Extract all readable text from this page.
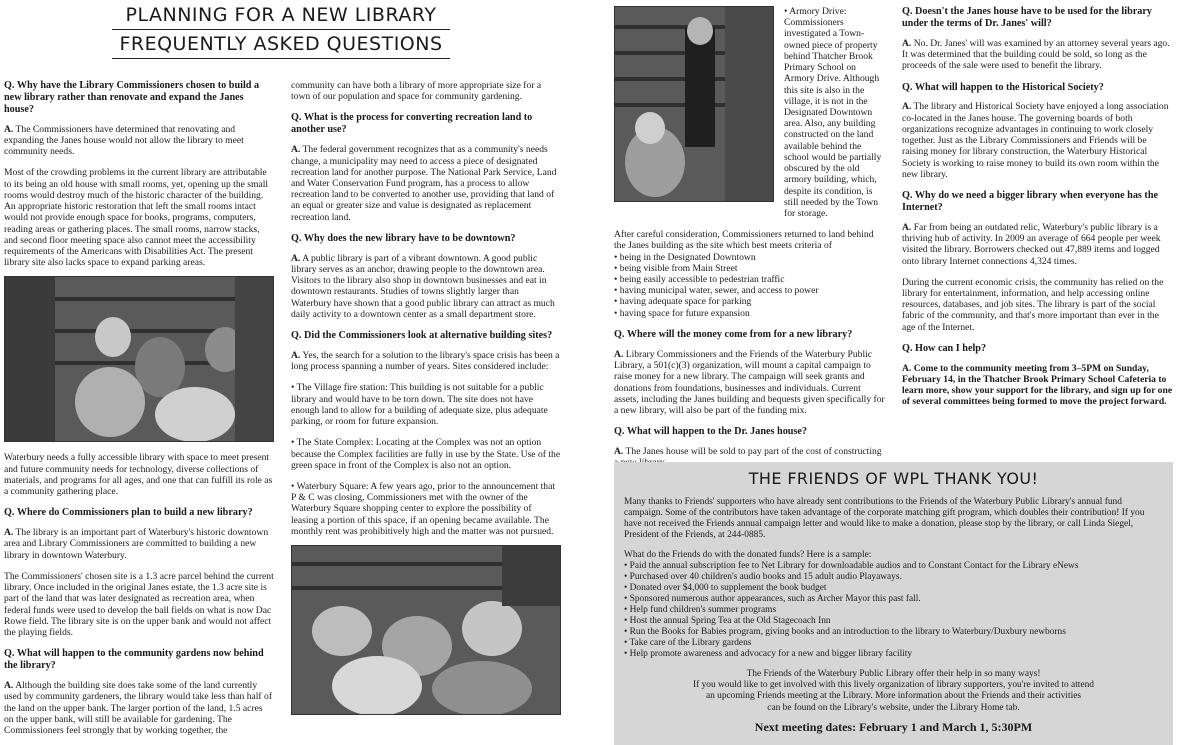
PLANNING FOR A NEW LIBRARY
FREQUENTLY ASKED QUESTIONS

Q. Why have the Library Commissioners chosen to build a new library rather than renovate and expand the Janes house?

A. The Commissioners have determined that renovating and expanding the Janes house would not allow the library to meet community needs.

Most of the crowding problems in the current library are attributable to its being an old house with small rooms, yet, opening up the small rooms would destroy much of the historic character of the building. An appropriate historic restoration that left the small rooms intact would not provide enough space for books, programs, computers, reading areas or gathering places. The small rooms, narrow stacks, and second floor meeting space also cannot meet the accessibility requirements of the Americans with Disabilities Act. The present library site also lacks space to expand parking areas.

Waterbury needs a fully accessible library with space to meet present and future community needs for technology, diverse collections of materials, and programs for all ages, and one that can fulfill its role as a community gathering place.

Q. Where do Commissioners plan to build a new library?

A. The library is an important part of Waterbury's historic downtown area and Library Commissioners are committed to building a new library in downtown Waterbury.

The Commissioners' chosen site is a 1.3 acre parcel behind the current library. Once included in the original Janes estate, the 1.3 acre site is part of the land that was later designated as recreation area, when federal funds were used to develop the ball fields on what is now Dac Rowe field. The library site is on the upper bank and would not affect the playing fields.

Q. What will happen to the community gardens now behind the library?

A. Although the building site does take some of the land currently used by community gardeners, the library would take less than half of the land on the upper bank. The larger portion of the land, 1.5 acres on the upper bank, will still be available for gardening. The Commissioners feel strongly that by working together, the

community can have both a library of more appropriate size for a town of our population and space for community gardening.

Q. What is the process for converting recreation land to another use?

A. The federal government recognizes that as a community's needs change, a municipality may need to access a piece of designated recreation land for another purpose. The National Park Service, Land and Water Conservation Fund program, has a process to allow recreation land to be converted to another use, providing that land of an equal or greater size and value is designated as replacement recreation land.

Q. Why does the new library have to be downtown?

A. A public library is part of a vibrant downtown. A good public library serves as an anchor, drawing people to the downtown area. Visitors to the library also shop in downtown businesses and eat in downtown restaurants. Studies of towns slightly larger than Waterbury have shown that a good public library can attract as much daily activity to a downtown center as a small department store.

Q. Did the Commissioners look at alternative building sites?

A. Yes, the search for a solution to the library's space crisis has been a long process spanning a number of years. Sites considered include:

• The Village fire station: This building is not suitable for a public library and would have to be torn down. The site does not have enough land to allow for a building of adequate size, plus adequate parking, or room for future expansion.

• The State Complex: Locating at the Complex was not an option because the Complex facilities are fully in use by the State. Use of the green space in front of the Complex is also not an option.

• Waterbury Square: A few years ago, prior to the announcement that P & C was closing, Commissioners met with the owner of the Waterbury Square shopping center to explore the possibility of leasing a portion of this space, if an opening became available. The monthly rent was prohibitively high and the matter was not pursued.

• Armory Drive: Commissioners investigated a Town-owned piece of property behind Thatcher Brook Primary School on Armory Drive. Although this site is also in the village, it is not in the Designated Downtown area. Also, any building constructed on the land available behind the school would be partially obscured by the old armory building, which, despite its condition, is still needed by the Town for storage.

After careful consideration, Commissioners returned to land behind the Janes building as the site which best meets criteria of

• being in the Designated Downtown
• being visible from Main Street
• being easily accessible to pedestrian traffic
• having municipal water, sewer, and access to power
• having adequate space for parking
• having space for future expansion

Q. Where will the money come from for a new library?

A. Library Commissioners and the Friends of the Waterbury Public Library, a 501(c)(3) organization, will mount a capital campaign to raise money for a new library. The campaign will seek grants and donations from foundations, businesses and individuals. Current assets, including the Janes building and bequests given specifically for a new library, will also be part of the funding mix.

Q. What will happen to the Dr. Janes house?

A. The Janes house will be sold to pay part of the cost of constructing

Q. Doesn't the Janes house have to be used for the library under the terms of Dr. Janes' will?

A. No. Dr. Janes' will was examined by an attorney several years ago. It was determined that the building could be sold, so long as the proceeds of the sale were used to benefit the library.

Q. What will happen to the Historical Society?

A. The library and Historical Society have enjoyed a long association co-located in the Janes house. The governing boards of both organizations recognize advantages in continuing to work closely together. Just as the Library Commissioners and Friends will be raising money for library construction, the Waterbury Historical Society is working to raise money to build its own room within the new library.

Q. Why do we need a bigger library when everyone has the Internet?

A. Far from being an outdated relic, Waterbury's public library is a thriving hub of activity. In 2009 an average of 664 people per week visited the library. Borrowers checked out 47,889 items and logged onto library Internet connections 4,324 times.

During the current economic crisis, the community has relied on the library for entertainment, information, and help accessing online resources, databases, and job sites. The library is part of the social fabric of the community, and that's more important than ever in the age of the Internet.

Q. How can I help?

A. Come to the community meeting from 3–5PM on Sunday, February 14, in the Thatcher Brook Primary School Cafeteria to learn more, show your support for the library, and sign up for one of several committees being formed to move the project forward.

THE FRIENDS OF WPL THANK YOU!

Many thanks to Friends' supporters who have already sent contributions to the Friends of the Waterbury Public Library's annual fund campaign. Some of the contributors have taken advantage of the corporate matching gift program, which doubles their contribution! If you have not received the Friends annual campaign letter and would like to make a donation, please stop by the library, or call Linda Siegel, President of the Friends, at 244-0885.

What do the Friends do with the donated funds? Here is a sample:

• Paid the annual subscription fee to Net Library for downloadable audios and to Constant Contact for the Library eNews
• Purchased over 40 children's audio books and 15 adult audio Playaways.
• Donated over $4,000 to supplement the book budget
• Sponsored numerous author appearances, such as Archer Mayor this past fall.
• Help fund children's summer programs
• Host the annual Spring Tea at the Old Stagecoach Inn
• Run the Books for Babies program, giving books and an introduction to the library to Waterbury/Duxbury newborns
• Take care of the Library gardens
• Help promote awareness and advocacy for a new and bigger library facility
The Friends of the Waterbury Public Library offer their help in so many ways!
If you would like to get involved with this lively organization of library supporters, you're invited to attend
an upcoming Friends meeting at the Library. More information about the Friends and their activities
can be found on the Library's website, under the Library Home tab.
Next meeting dates: February 1 and March 1, 5:30PM
